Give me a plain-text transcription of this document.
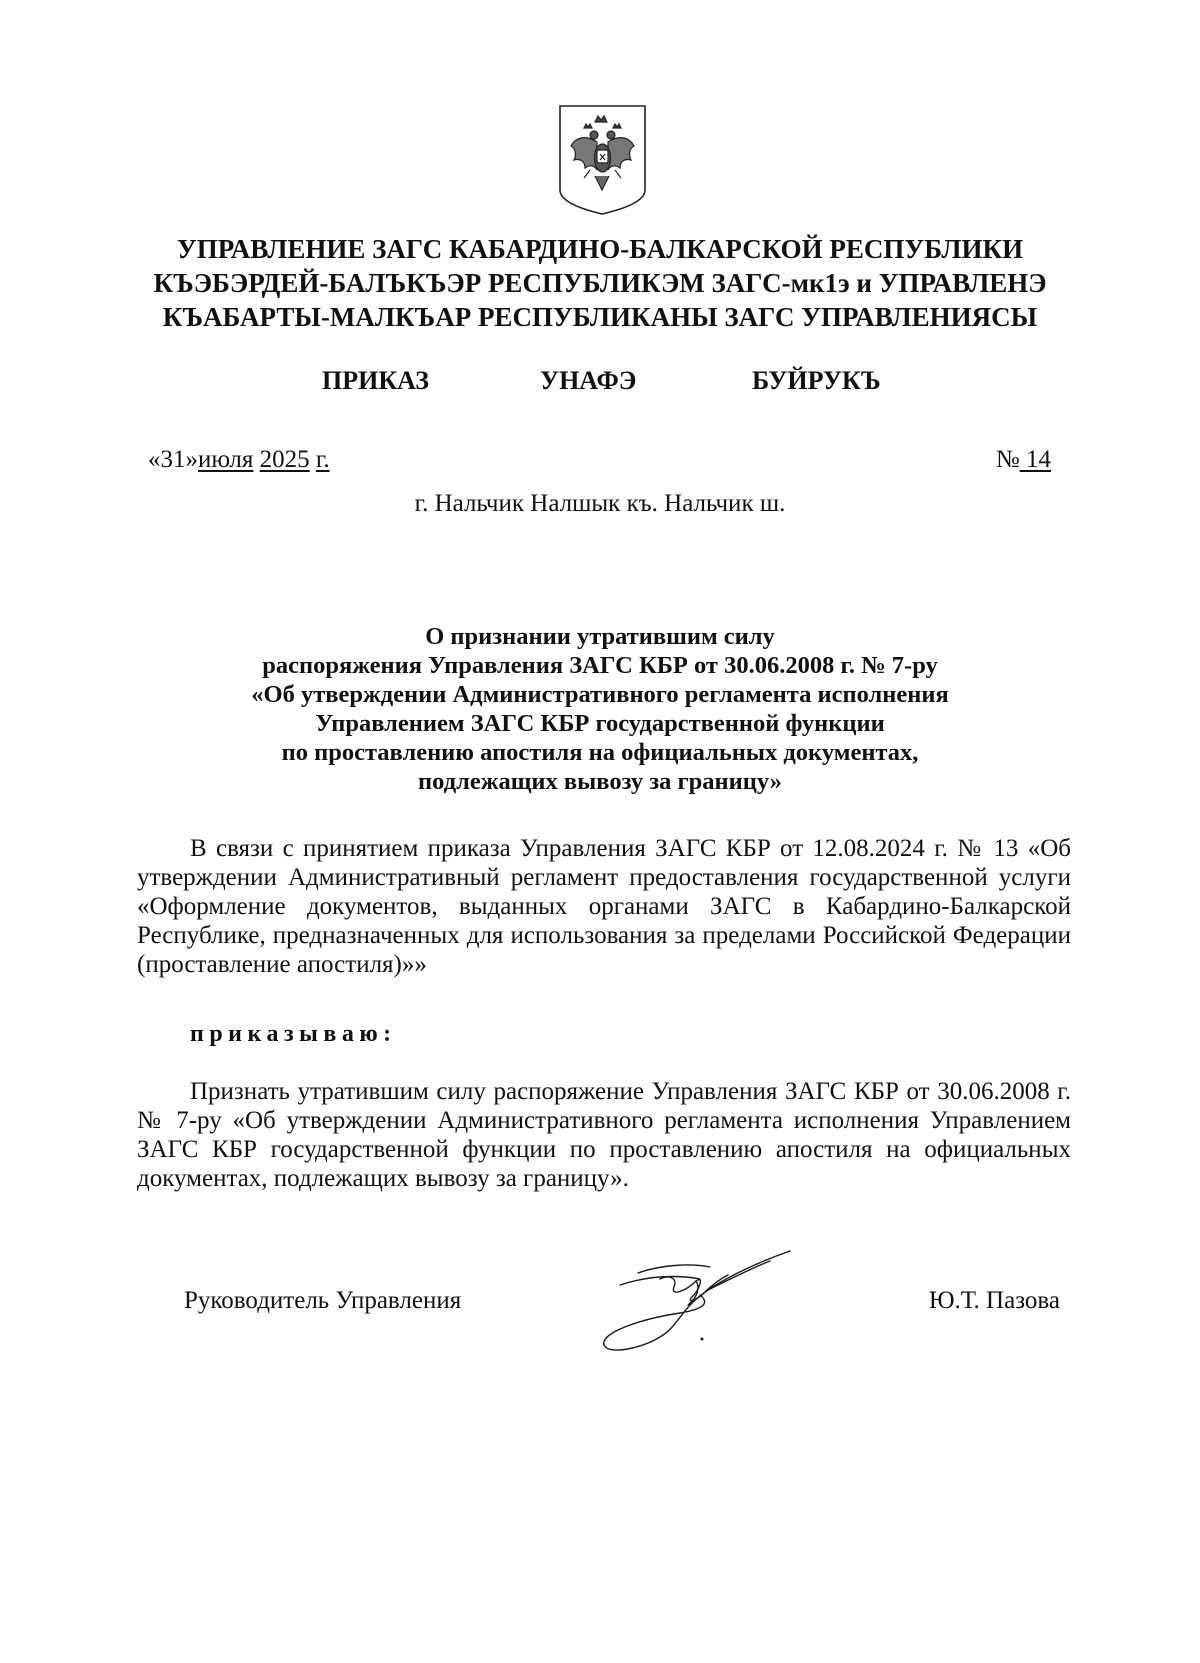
УПРАВЛЕНИЕ ЗАГС КАБАРДИНО-БАЛКАРСКОЙ РЕСПУБЛИКИ
КЪЭБЭРДЕЙ-БАЛЪКЪЭР РЕСПУБЛИКЭМ ЗАГС-мк1э и УПРАВЛЕНЭ
КЪАБАРТЫ-МАЛКЪАР РЕСПУБЛИКАНЫ ЗАГС УПРАВЛЕНИЯСЫ
ПРИКАЗ	УНАФЭ	БУЙРУКЪ
«31»июля 2025 г.	№ 14
г. Нальчик Налшык къ. Нальчик ш.
О признании утратившим силу
распоряжения Управления ЗАГС КБР от 30.06.2008 г. № 7-ру
«Об утверждении Административного регламента исполнения
Управлением ЗАГС КБР государственной функции
по проставлению апостиля на официальных документах,
подлежащих вывозу за границу»
В связи с принятием приказа Управления ЗАГС КБР от 12.08.2024 г. № 13 «Об утверждении Административный регламент предоставления государственной услуги «Оформление документов, выданных органами ЗАГС в Кабардино-Балкарской Республике, предназначенных для использования за пределами Российской Федерации (проставление апостиля)»»
приказываю:
Признать утратившим силу распоряжение Управления ЗАГС КБР от 30.06.2008 г. № 7-ру «Об утверждении Административного регламента исполнения Управлением ЗАГС КБР государственной функции по проставлению апостиля на официальных документах, подлежащих вывозу за границу».
Руководитель Управления	Ю.Т. Пазова
